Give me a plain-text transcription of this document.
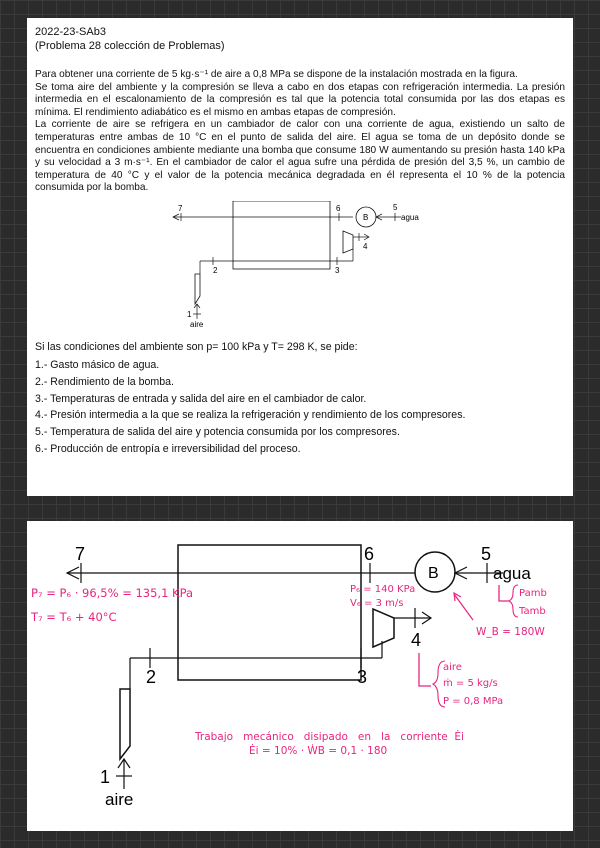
2022-23-SAb3

(Problema 28 colección de Problemas)

Para obtener una corriente de 5 kg·s⁻¹ de aire a 0,8 MPa se dispone de la instalación mostrada en la figura.

Se toma aire del ambiente y la compresión se lleva a cabo en dos etapas con refrigeración intermedia. La presión intermedia en el escalonamiento de la compresión es tal que la potencia total consumida por las dos etapas es mínima. El rendimiento adiabático es el mismo en ambas etapas de compresión.

La corriente de aire se refrigera en un cambiador de calor con una corriente de agua, existiendo un salto de temperaturas entre ambas de 10 °C en el punto de salida del aire. El agua se toma de un depósito donde se encuentra en condiciones ambiente mediante una bomba que consume 180 W aumentando su presión hasta 140 kPa y su velocidad a 3 m·s⁻¹. En el cambiador de calor el agua sufre una pérdida de presión del 3,5 %, un cambio de temperatura de 40 °C y el valor de la potencia mecánica degradada en él representa el 10 % de la potencia consumida por la bomba.

7	6
B
5
agua
2	3
4
1
aire

Si las condiciones del ambiente son p= 100 kPa y T= 298 K, se pide:

1.- Gasto másico de agua.
2.- Rendimiento de la bomba.
3.- Temperaturas de entrada y salida del aire en el cambiador de calor.
4.- Presión intermedia a la que se realiza la refrigeración y rendimiento de los compresores.
5.- Temperatura de salida del aire y potencia consumida por los compresores.
6.- Producción de entropía e irreversibilidad del proceso.
7	6
B
5
agua
2	3
4
1
aire
P₇ = P₆ · 96,5% = 135,1 KPa
T₇ = T₆ + 40°C
P₆ = 140 KPa
V₆ = 3 m/s
Pamb
Tamb
W_B = 180W
aire
ṁ = 5 kg/s
P = 0,8 MPa
Trabajo   mecánico   disipado   en   la   corriente  Ėi
Ėi = 10% · ẆB = 0,1 · 180
